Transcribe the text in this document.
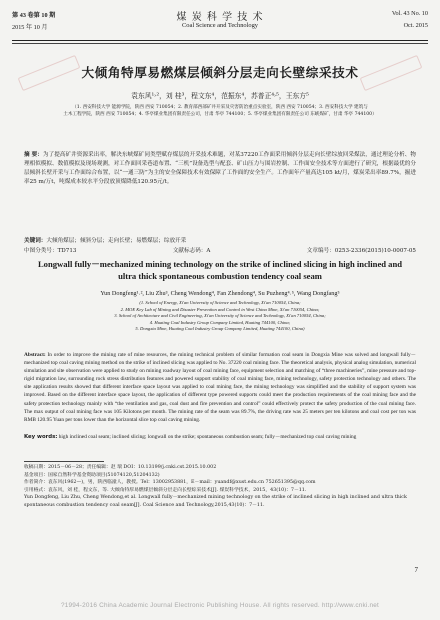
第 43 卷第 10 期
2015 年 10 月
煤 炭 科 学 技 术
Coal Science and Technology
Vol. 43 No. 10
Oct. 2015
大倾角特厚易燃煤层倾斜分层走向长壁综采技术
袁东风¹˒²，刘 桂³，程文东⁴，范振东⁴，苏普正⁴˒⁵，王东方⁵
（1. 西安科技大学 能源学院，陕西 西安 710054；2. 教育部西部矿井开采及灾害防治重点实验室，陕西 西安 710054；3. 西安科技大学 建筑与
土木工程学院，陕西 西安 710054；4. 华亭煤业集团有限责任公司，甘肃 华亭 744100；5. 华亭煤业集团有限责任公司 东峡煤矿，甘肃 华亭 744100）
摘 要：为了提高矿井资源采出率，解决东峡煤矿同类型赋存煤层的开采技术难题，对某37220工作面采用倾斜分层走向长壁综放回采煤法，通过理论分析、物理相似模拟、数值模拟及现场观测，对工作面回采巷道布置、“三机”设备选型与配套、矿山压力与围岩控制、工作面安全技术等方面进行了研究，根据最优的分层倾斜长壁开采与工作面综合布置，以“一通三防”为主的安全保障技术有效保障了工作面的安全生产。工作面年产量高达105 kt/月，煤炭采出率89.7%，掘进率25 m/万t，吨煤成本较水平分段放顶煤降低120.95元/t。
关键词：大倾角煤层；倾斜分层；走向长壁；易燃煤层；综放开采
中图分类号：TD713	文献标志码：A	文章编号：0253-2336(2015)10-0007-05
Longwall fully－mechanized mining technology on the strike of inclined slicing in high inclined and ultra thick spontaneous combustion tendency coal seam
Yun Dongfeng¹˒², Liu Zhu³, Cheng Wendong⁴, Fan Zhendong⁴, Su Puzheng⁴˒⁵, Wang Dongfang⁵
(1. School of Energy, Xi'an University of Science and Technology, Xi'an 710054, China;
2. MOE Key Lab of Mining and Disaster Prevention and Control in West China Mine, Xi'an 710054, China;
3. School of Architecture and Civil Engineering, Xi'an University of Science and Technology, Xi'an 710054, China;
4. Huating Coal Industry Group Company Limited, Huating 744100, China;
5. Dongxia Mine, Huating Coal Industry Group Company Limited, Huating 744100, China)
Abstract: In order to improve the mining rate of mine resources, the mining technical problem of similar formation coal seam in Dongxia Mine was solved and longwall fully－mechanized top coal caving mining method on the strike of inclined slicing was applied to No. 37220 coal mining face. The theoretical analysis, physical analog simulation, numerical simulation and site observation were applied to study on mining roadway layout of coal mining face, equipment selection and matching of “three machineries”, mine pressure and top-rigid migration law, surrounding rock stress distribution features and powered support stability of coal mining face, mining technology, safety protection technology and others. The site application results showed that different interface space layout was applied to coal mining face, the mining technology was simplified and the stability of support system was improved. Based on the different interface space layout, the application of different type powered supports could meet the production requirements of the coal mining face and the safety protection technology mainly with “the ventilation and gas, coal dust and fire prevention and control” could effectively protect the safety production of the coal mining face. The max output of coal mining face was 105 Kilotons per month. The mining rate of the seam was 89.7%, the driving rate was 25 meters per ten kilotons and coal cost per ton was RMB 120.95 Yuan per tons lower than the horizontal slice top coal caving mining.
Key words: high inclined coal seam; inclined slicing; longwall on the strike; spontaneous combustion seam; fully－mechanized top coal caving mining

收稿日期：2015－06－28；责任编辑：赵 瑞 DOI：10.13199/j.cnki.cst.2015.10.002

基金项目：国家自然科学基金资助项目(51074120,51204132)

作者简介：袁东风(1962—)，男，陕西临潼人，教授。Tel：13002953881，E－mail：yuandf@xust.edu.cn 752651395@qq.com

引用格式：袁东风，刘 桂，程文东，等. 大倾角特厚易燃煤层倾斜分层走向长壁综采技术[J]. 煤炭科学技术，2015，43(10)：7－11.

Yun Dongfeng, Liu Zhu, Cheng Wendong,et al. Longwall fully－mechanized mining technology on the strike of inclined slicing in high inclined and ultra thick spontaneous combustion tendency coal seam[J]. Coal Science and Technology,2015,43(10)：7－11.

7
?1994-2016 China Academic Journal Electronic Publishing House. All rights reserved. http://www.cnki.net
